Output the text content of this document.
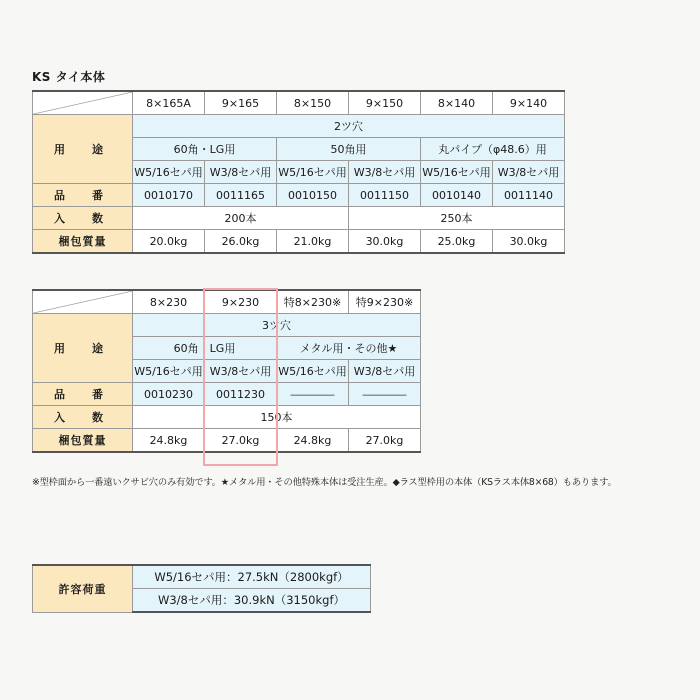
KS タイ本体
	8×165A	9×165	8×150	9×150	8×140	9×140
用　途	2ツ穴					
	60角・LG用		50角用		丸パイプ（φ48.6）用	
	W5/16セパ用	W3/8セパ用	W5/16セパ用	W3/8セパ用	W5/16セパ用	W3/8セパ用
品　番	0010170	0011165	0010150	0011150	0010140	0011140
入　数	200本			250本		
梱包質量	20.0kg	26.0kg	21.0kg	30.0kg	25.0kg	30.0kg
	8×230	9×230	特8×230※	特9×230※
用　途	3ツ穴			
	60角・LG用		メタル用・その他★	
	W5/16セパ用	W3/8セパ用	W5/16セパ用	W3/8セパ用
品　番	0010230	0011230	――――	――――
入　数	150本			
梱包質量	24.8kg	27.0kg	24.8kg	27.0kg
※型枠面から一番遠いクサビ穴のみ有効です。★メタル用・その他特殊本体は受注生産。◆ラス型枠用の本体（KSラス本体8×68）もあります。
許容荷重	W5/16セパ用：27.5kN（2800kgf）
W3/8セパ用：30.9kN（3150kgf）
